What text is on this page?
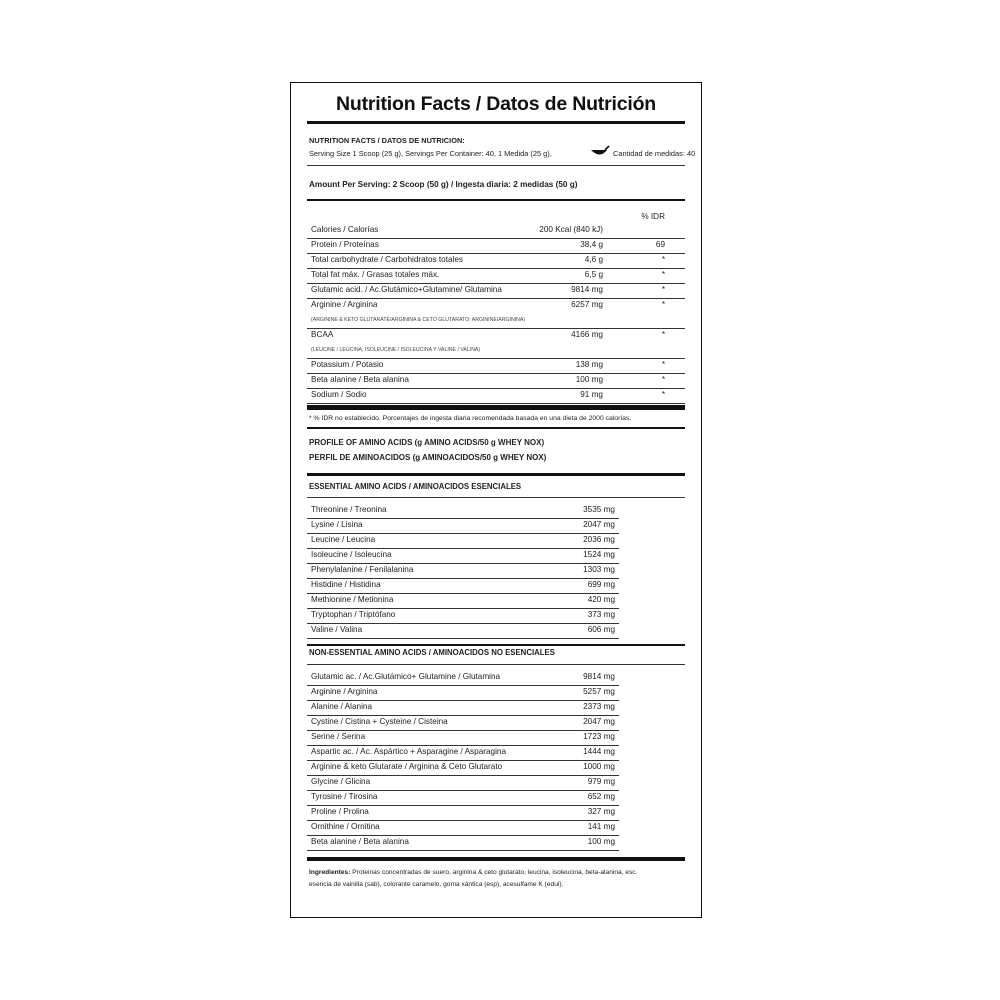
Nutrition Facts / Datos de Nutrición
NUTRITION FACTS / DATOS DE NUTRICION:
Serving Size 1 Scoop (25 g), Servings Per Container: 40, 1 Medida (25 g),	Cantidad de medidas: 40
Amount Per Serving: 2 Scoop (50 g) / Ingesta diaria: 2 medidas (50 g)
% IDR
Calories / Calorías	200 Kcal (840 kJ)
Protein / Proteínas	38,4 g	69
Total carbohydrate / Carbohidratos totales	4,6 g	*
Total fat máx. / Grasas totales máx.	6,5 g	*
Glutamic acid. / Ac.Glutámico+Glutamine/ Glutamina	9814 mg	*
Arginine / Arginina	6257 mg	*
(ARGININE & KETO GLUTARATE/ARGININA & CETO GLUTARATO; ARGININE/ARGININA)
BCAA	4166 mg	*
(LEUCINE / LEUCINA; ISOLEUCINE / ISOLEUCINA Y VALINE / VALINA)
Potassium / Potasio	138 mg	*
Beta alanine / Beta alanina	100 mg	*
Sodium / Sodio	91 mg	*
* % IDR no establecido. Porcentajes de ingesta diaria recomendada basada en una dieta de 2000 calorías.
PROFILE OF AMINO ACIDS (g AMINO ACIDS/50 g WHEY NOX)
PERFIL DE AMINOACIDOS (g AMINOACIDOS/50 g WHEY NOX)
ESSENTIAL AMINO ACIDS / AMINOACIDOS ESENCIALES
Threonine / Treonina	3535 mg
Lysine / Lisina	2047 mg
Leucine / Leucina	2036 mg
Isoleucine / Isoleucina	1524 mg
Phenylalanine / Fenilalanina	1303 mg
Histidine / Histidina	699 mg
Methionine / Metionina	420 mg
Tryptophan / Triptófano	373 mg
Valine / Valina	606 mg
NON-ESSENTIAL AMINO ACIDS / AMINOACIDOS NO ESENCIALES
Glutamic ac. / Ac.Glutámico+ Glutamine / Glutamina	9814 mg
Arginine / Arginina	5257 mg
Alanine / Alanina	2373 mg
Cystine / Cistina + Cysteine / Cisteina	2047 mg
Serine / Serina	1723 mg
Aspartic ac. / Ac. Aspártico + Asparagine / Asparagina	1444 mg
Arginine & keto Glutarate / Arginina & Ceto Glutarato	1000 mg
Glycine / Glicina	979 mg
Tyrosine / Tirosina	652 mg
Proline / Prolina	327 mg
Ornithine / Ornitina	141 mg
Beta alanine / Beta alanina	100 mg
Ingredientes: Proteinas concentradas de suero, arginina & ceto glutarato, leucina, isoleucina, beta-alanina, esc.
esencia de vainilla (sab), colorante caramelo, goma xántica (esp), acesulfame K (edul).
